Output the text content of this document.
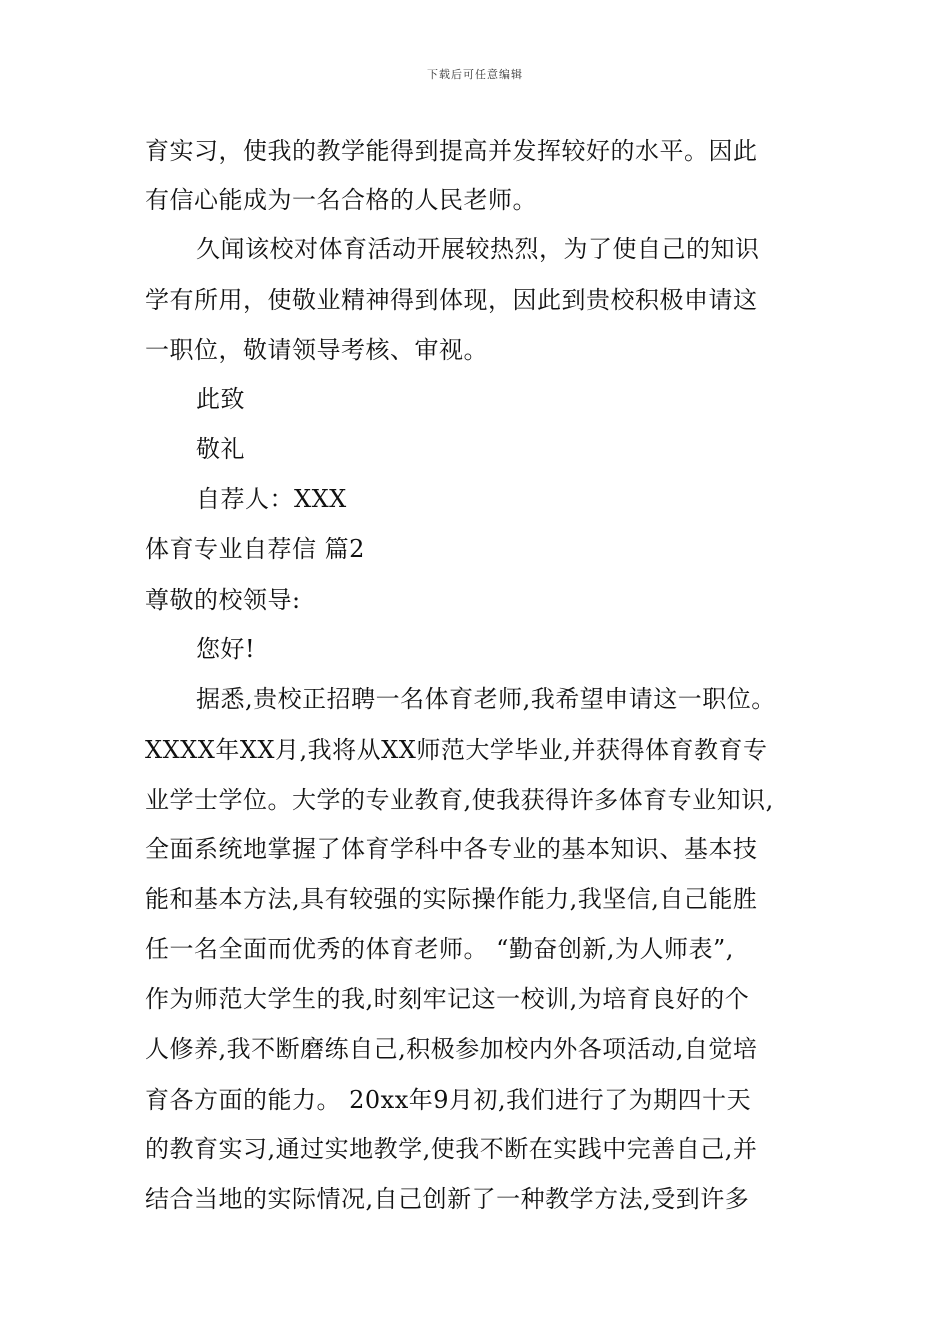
下载后可任意编辑
育实习，使我的教学能得到提高并发挥较好的水平。因此
有信心能成为一名合格的人民老师。
久闻该校对体育活动开展较热烈，为了使自己的知识
学有所用，使敬业精神得到体现，因此到贵校积极申请这
一职位，敬请领导考核、审视。
此致
敬礼
自荐人：XXX
体育专业自荐信 篇2
尊敬的校领导:
您好!
据悉,贵校正招聘一名体育老师,我希望申请这一职位。
XXXX年XX月,我将从XX师范大学毕业,并获得体育教育专
业学士学位。大学的专业教育,使我获得许多体育专业知识,
全面系统地掌握了体育学科中各专业的基本知识、基本技
能和基本方法,具有较强的实际操作能力,我坚信,自己能胜
任一名全面而优秀的体育老师。 “勤奋创新,为人师表”,
作为师范大学生的我,时刻牢记这一校训,为培育良好的个
人修养,我不断磨练自己,积极参加校内外各项活动,自觉培
育各方面的能力。 20xx年9月初,我们进行了为期四十天
的教育实习,通过实地教学,使我不断在实践中完善自己,并
结合当地的实际情况,自己创新了一种教学方法,受到许多
